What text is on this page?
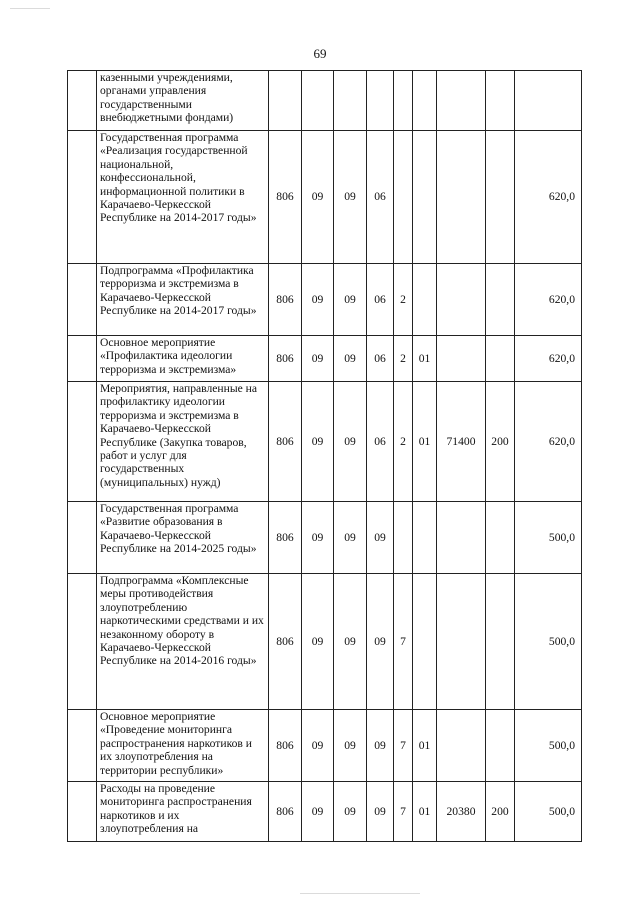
69
	казенными учреждениями, органами управления государственными внебюджетными фондами)									
	Государственная программа «Реализация государственной национальной, конфессиональной, информационной политики в Карачаево-Черкесской Республике на 2014-2017 годы»	806	09	09	06					620,0
	Подпрограмма «Профилактика терроризма и экстремизма в Карачаево-Черкесской Республике на 2014-2017 годы»	806	09	09	06	2				620,0
	Основное мероприятие «Профилактика идеологии терроризма и экстремизма»	806	09	09	06	2	01			620,0
	Мероприятия, направленные на профилактику идеологии терроризма и экстремизма в Карачаево-Черкесской Республике (Закупка товаров, работ и услуг для государственных (муниципальных) нужд)	806	09	09	06	2	01	71400	200	620,0
	Государственная программа «Развитие образования в Карачаево-Черкесской Республике на 2014-2025 годы»	806	09	09	09					500,0
	Подпрограмма «Комплексные меры противодействия злоупотреблению наркотическими средствами и их незаконному обороту в Карачаево-Черкесской Республике на 2014-2016 годы»	806	09	09	09	7				500,0
	Основное мероприятие «Проведение мониторинга распространения наркотиков и их злоупотребления на территории республики»	806	09	09	09	7	01			500,0
	Расходы на проведение мониторинга распространения наркотиков и их злоупотребления на	806	09	09	09	7	01	20380	200	500,0
